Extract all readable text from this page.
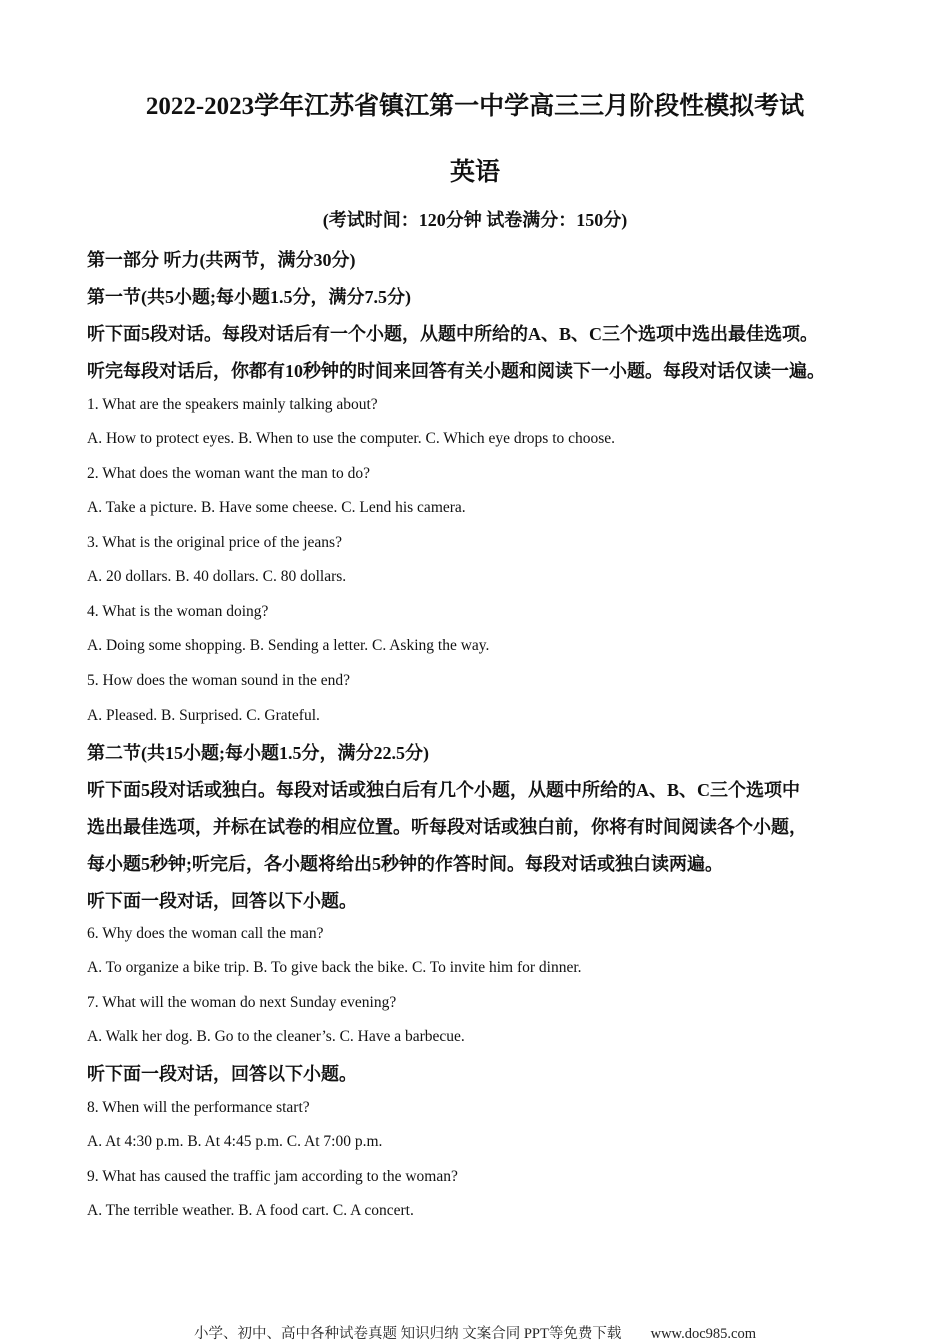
2022-2023学年江苏省镇江第一中学高三三月阶段性模拟考试
英语
(考试时间：120分钟 试卷满分：150分)
第一部分 听力(共两节，满分30分)
第一节(共5小题;每小题1.5分，满分7.5分)
听下面5段对话。每段对话后有一个小题，从题中所给的A、B、C三个选项中选出最佳选项。
听完每段对话后，你都有10秒钟的时间来回答有关小题和阅读下一小题。每段对话仅读一遍。
1. What are the speakers mainly talking about?
A. How to protect eyes. B. When to use the computer. C. Which eye drops to choose.
2. What does the woman want the man to do?
A. Take a picture. B. Have some cheese. C. Lend his camera.
3. What is the original price of the jeans?
A. 20 dollars. B. 40 dollars. C. 80 dollars.
4. What is the woman doing?
A. Doing some shopping. B. Sending a letter. C. Asking the way.
5. How does the woman sound in the end?
A. Pleased. B. Surprised. C. Grateful.
第二节(共15小题;每小题1.5分，满分22.5分)
听下面5段对话或独白。每段对话或独白后有几个小题，从题中所给的A、B、C三个选项中
选出最佳选项，并标在试卷的相应位置。听每段对话或独白前，你将有时间阅读各个小题，
每小题5秒钟;听完后，各小题将给出5秒钟的作答时间。每段对话或独白读两遍。
听下面一段对话，回答以下小题。
6. Why does the woman call the man?
A. To organize a bike trip. B. To give back the bike. C. To invite him for dinner.
7. What will the woman do next Sunday evening?
A. Walk her dog. B. Go to the cleaner’s. C. Have a barbecue.
听下面一段对话，回答以下小题。
8. When will the performance start?
A. At 4:30 p.m. B. At 4:45 p.m. C. At 7:00 p.m.
9. What has caused the traffic jam according to the woman?
A. The terrible weather. B. A food cart. C. A concert.
小学、初中、高中各种试卷真题 知识归纳 文案合同 PPT等免费下载 www.doc985.com
